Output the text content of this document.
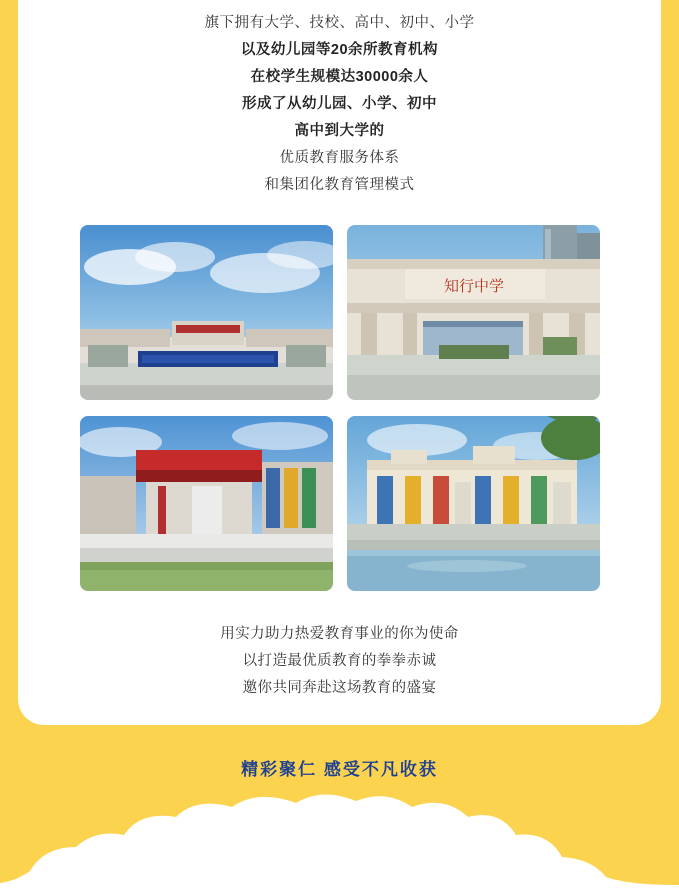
旗下拥有大学、技校、高中、初中、小学
以及幼儿园等20余所教育机构
在校学生规模达30000余人
形成了从幼儿园、小学、初中
高中到大学的
优质教育服务体系
和集团化教育管理模式
知行中学
用实力助力热爱教育事业的你为使命
以打造最优质教育的拳拳赤诚
邀你共同奔赴这场教育的盛宴
精彩聚仁 感受不凡收获
